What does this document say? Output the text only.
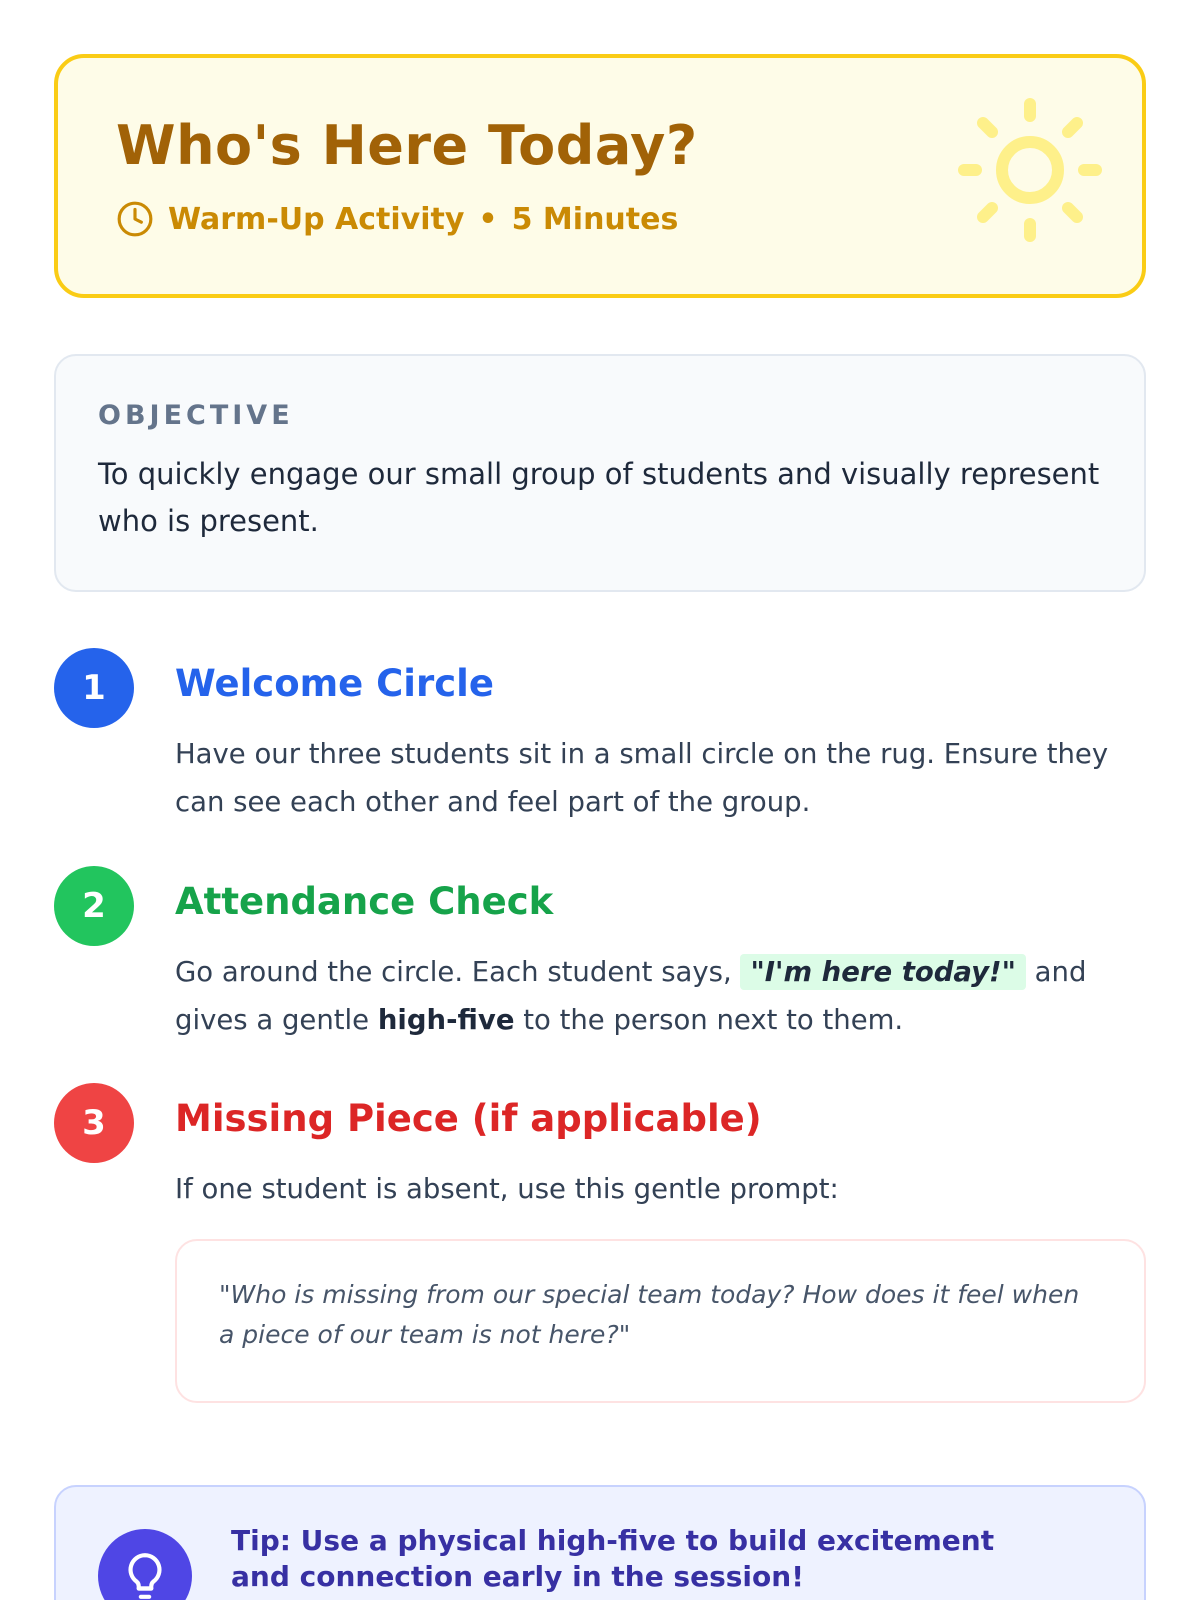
Who's Here Today?
Warm-Up Activity • 5 Minutes
OBJECTIVE

To quickly engage our small group of students and visually represent who is present.

1	Welcome Circle

Have our three students sit in a small circle on the rug. Ensure they can see each other and feel part of the group.

2	Attendance Check

Go around the circle. Each student says, "I'm here today!" and gives a gentle high-five to the person next to them.

3	Missing Piece (if applicable)

If one student is absent, use this gentle prompt:

"Who is missing from our special team today? How does it feel when a piece of our team is not here?"

Tip: Use a physical high-five to build excitement and connection early in the session!
